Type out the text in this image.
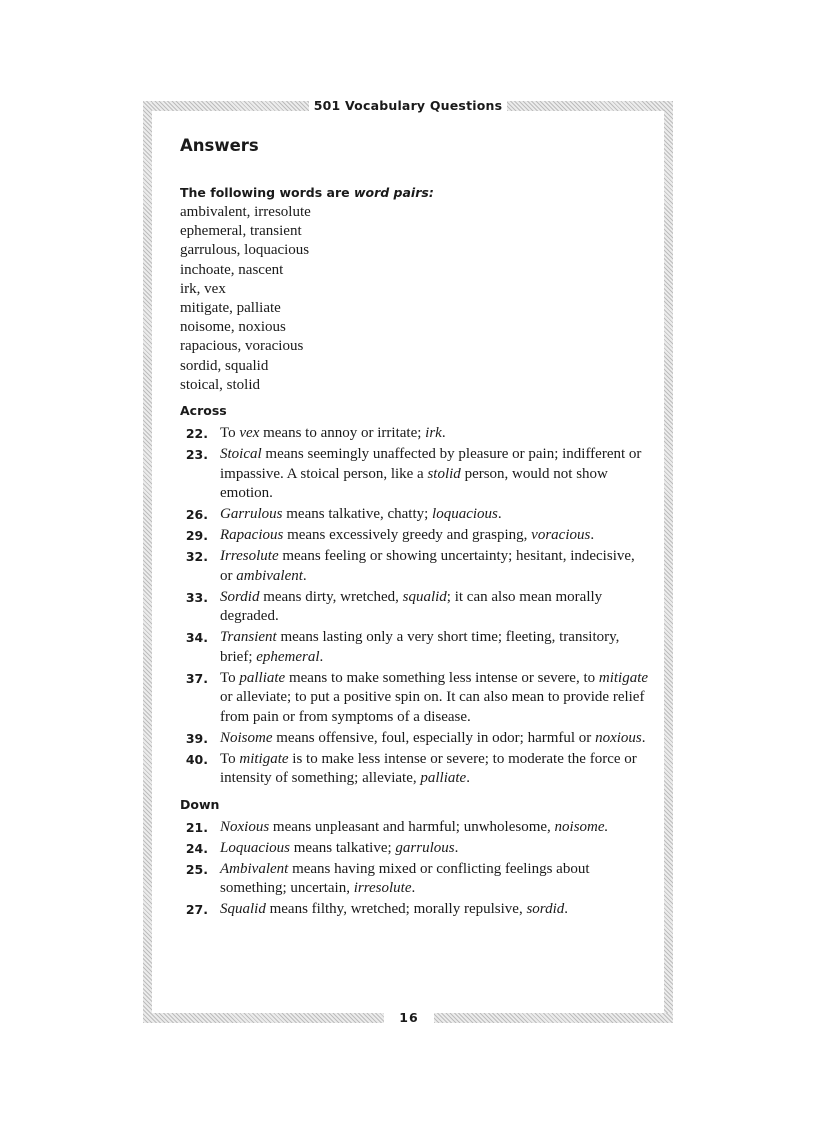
501 Vocabulary Questions
Answers
The following words are word pairs:
ambivalent, irresolute
ephemeral, transient
garrulous, loquacious
inchoate, nascent
irk, vex
mitigate, palliate
noisome, noxious
rapacious, voracious
sordid, squalid
stoical, stolid
Across
22. To vex means to annoy or irritate; irk.
23. Stoical means seemingly unaffected by pleasure or pain; indifferent or impassive. A stoical person, like a stolid person, would not show emotion.
26. Garrulous means talkative, chatty; loquacious.
29. Rapacious means excessively greedy and grasping, voracious.
32. Irresolute means feeling or showing uncertainty; hesitant, indecisive, or ambivalent.
33. Sordid means dirty, wretched, squalid; it can also mean morally degraded.
34. Transient means lasting only a very short time; fleeting, transitory, brief; ephemeral.
37. To palliate means to make something less intense or severe, to mitigate or alleviate; to put a positive spin on. It can also mean to provide relief from pain or from symptoms of a disease.
39. Noisome means offensive, foul, especially in odor; harmful or noxious.
40. To mitigate is to make less intense or severe; to moderate the force or intensity of something; alleviate, palliate.
Down
21. Noxious means unpleasant and harmful; unwholesome, noisome.
24. Loquacious means talkative; garrulous.
25. Ambivalent means having mixed or conflicting feelings about something; uncertain, irresolute.
27. Squalid means filthy, wretched; morally repulsive, sordid.
16
